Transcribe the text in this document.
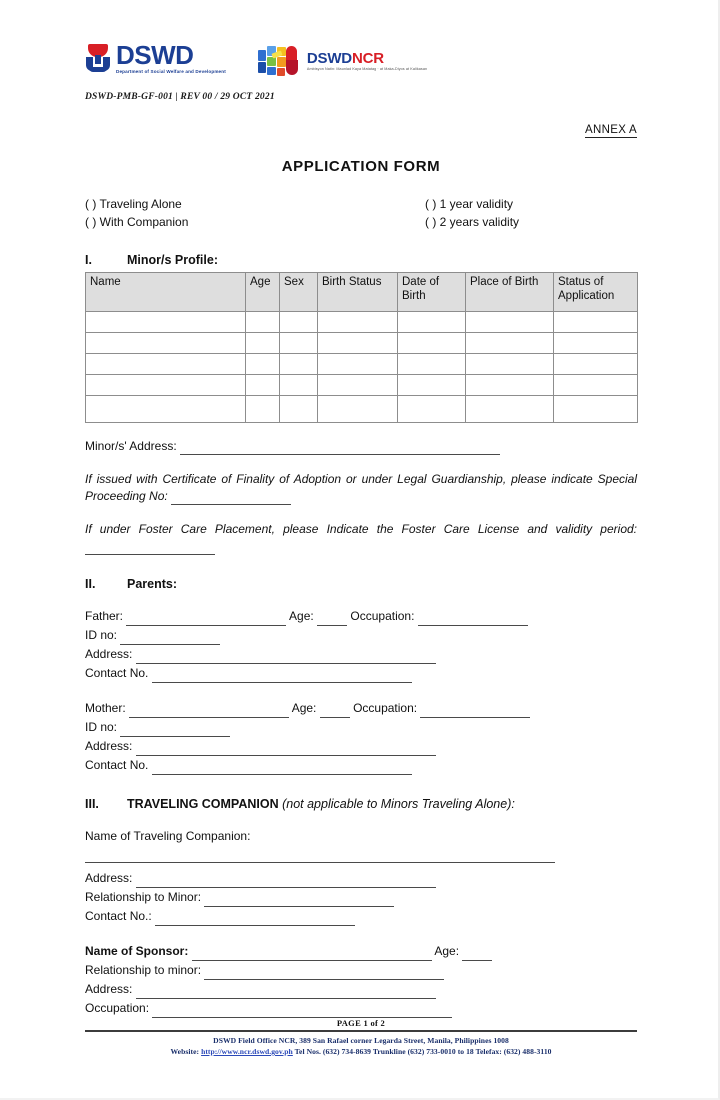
DSWD
Department of Social Welfare and Development
DSWDNCR
Ambisyon Natin: Maunlad Kaya Matatag · at Maka-Diyos at Kalikasan
DSWD-PMB-GF-001 | REV 00 / 29 OCT 2021
ANNEX A
APPLICATION FORM
( ) Traveling Alone	( ) 1 year validity
( ) With Companion	( ) 2 years validity
I.	Minor/s Profile:
Name	Age	Sex	Birth Status	Date of Birth	Place of Birth	Status of Application

Minor/s' Address:
If issued with Certificate of Finality of Adoption or under Legal Guardianship, please indicate Special Proceeding No:
If under Foster Care Placement, please Indicate the Foster Care License and validity period:
II.	Parents:
Father:	Age:	Occupation:
ID no:
Address:
Contact No.
Mother:	Age:	Occupation:
ID no:
Address:
Contact No.
III.	TRAVELING COMPANION (not applicable to Minors Traveling Alone):
Name of Traveling Companion:
Address:
Relationship to Minor:
Contact No.:
Name of Sponsor:	Age:
Relationship to minor:
Address:
Occupation:
PAGE 1 of 2
DSWD Field Office NCR, 389 San Rafael corner Legarda Street, Manila, Philippines 1008
Website: http://www.ncr.dswd.gov.ph Tel Nos. (632) 734-8639 Trunkline (632) 733-0010 to 18 Telefax: (632) 488-3110
